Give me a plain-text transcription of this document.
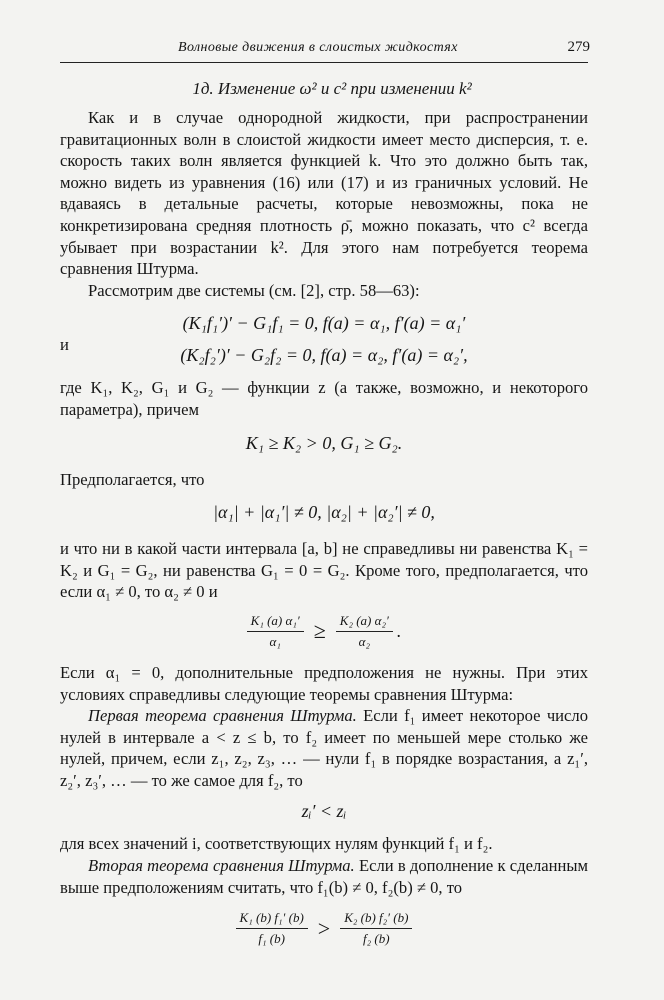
Волновые движения в слоистых жидкостях	279
1д. Изменение ω² и c² при изменении k²

Как и в случае однородной жидкости, при распространении гравитационных волн в слоистой жидкости имеет место дисперсия, т. е. скорость таких волн является функцией k. Что это должно быть так, можно видеть из уравнения (16) или (17) и из граничных условий. Не вдаваясь в детальные расчеты, которые невозможны, пока не конкретизирована средняя плотность ρ̄, можно показать, что c² всегда убывает при возрастании k². Для этого нам потребуется теорема сравнения Штурма.

Рассмотрим две системы (см. [2], стр. 58—63):

(K₁f₁′)′ − G₁f₁ = 0, f(a) = α₁, f′(a) = α₁′
и
(K₂f₂′)′ − G₂f₂ = 0, f(a) = α₂, f′(a) = α₂′,

где K₁, K₂, G₁ и G₂ — функции z (а также, возможно, и некоторого параметра), причем

K₁ ≥ K₂ > 0, G₁ ≥ G₂.

Предполагается, что

|α₁| + |α₁′| ≠ 0, |α₂| + |α₂′| ≠ 0,

и что ни в какой части интервала [a, b] не справедливы ни равенства K₁ = K₂ и G₁ = G₂, ни равенства G₁ = 0 = G₂. Кроме того, предполагается, что если α₁ ≠ 0, то α₂ ≠ 0 и

$\frac{\text{K₁ (a) α₁′}}{\text{α₁}} \ge \frac{\text{K₂ (a) α₂′}}{\text{α₂}}$ .

Если α₁ = 0, дополнительные предположения не нужны. При этих условиях справедливы следующие теоремы сравнения Штурма:

Первая теорема сравнения Штурма. Если f₁ имеет некоторое число нулей в интервале a < z ≤ b, то f₂ имеет по меньшей мере столько же нулей, причем, если z₁, z₂, z₃, … — нули f₁ в порядке возрастания, а z₁′, z₂′, z₃′, … — то же самое для f₂, то

zᵢ′ < zᵢ

для всех значений i, соответствующих нулям функций f₁ и f₂.

Вторая теорема сравнения Штурма. Если в дополнение к сделанным выше предположениям считать, что f₁(b) ≠ 0, f₂(b) ≠ 0, то

$\frac{\text{K₁ (b) f₁′ (b)}}{\text{f₁ (b)}} > \frac{\text{K₂ (b) f₂′ (b)}}{\text{f₂ (b)}}$
